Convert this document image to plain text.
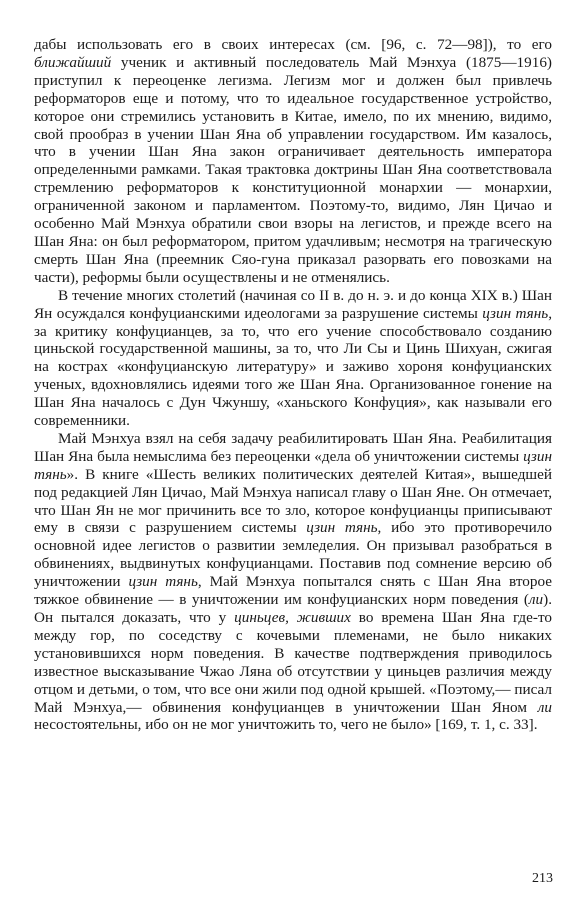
дабы использовать его в своих интересах (см. [96, с. 72—98]), то его ближайший ученик и активный последователь Май Мэнхуа (1875—1916) приступил к переоценке легизма. Легизм мог и должен был привлечь реформаторов еще и потому, что то идеальное государственное устройство, которое они стремились установить в Китае, имело, по их мнению, видимо, свой прообраз в учении Шан Яна об управлении государством. Им казалось, что в учении Шан Яна закон ограничивает деятельность императора определенными рамками. Такая трактовка доктрины Шан Яна соответствовала стремлению реформаторов к конституционной монархии — монархии, ограниченной законом и парламентом. Поэтому-то, видимо, Лян Цичао и особенно Май Мэнхуа обратили свои взоры на легистов, и прежде всего на Шан Яна: он был реформатором, притом удачливым; несмотря на трагическую смерть Шан Яна (преемник Сяо-гуна приказал разорвать его повозками на части), реформы были осуществлены и не отменялись.

В течение многих столетий (начиная со II в. до н. э. и до конца XIX в.) Шан Ян осуждался конфуцианскими идеологами за разрушение системы цзин тянь, за критику конфуцианцев, за то, что его учение способствовало созданию циньской государственной машины, за то, что Ли Сы и Цинь Шихуан, сжигая на кострах «конфуцианскую литературу» и заживо хороня конфуцианских ученых, вдохновлялись идеями того же Шан Яна. Организованное гонение на Шан Яна началось с Дун Чжуншу, «ханьского Конфуция», как называли его современники.

Май Мэнхуа взял на себя задачу реабилитировать Шан Яна. Реабилитация Шан Яна была немыслима без переоценки «дела об уничтожении системы цзин тянь». В книге «Шесть великих политических деятелей Китая», вышедшей под редакцией Лян Цичао, Май Мэнхуа написал главу о Шан Яне. Он отмечает, что Шан Ян не мог причинить все то зло, которое конфуцианцы приписывают ему в связи с разрушением системы цзин тянь, ибо это противоречило основной идее легистов о развитии земледелия. Он призывал разобраться в обвинениях, выдвинутых конфуцианцами. Поставив под сомнение версию об уничтожении цзин тянь, Май Мэнхуа попытался снять с Шан Яна второе тяжкое обвинение — в уничтожении им конфуцианских норм поведения (ли). Он пытался доказать, что у циньцев, живших во времена Шан Яна где-то между гор, по соседству с кочевыми племенами, не было никаких установившихся норм поведения. В качестве подтверждения приводилось известное высказывание Чжао Ляна об отсутствии у циньцев различия между отцом и детьми, о том, что все они жили под одной крышей. «Поэтому,— писал Май Мэнхуа,— обвинения конфуцианцев в уничтожении Шан Яном ли несостоятельны, ибо он не мог уничтожить то, чего не было» [169, т. 1, с. 33].

213
